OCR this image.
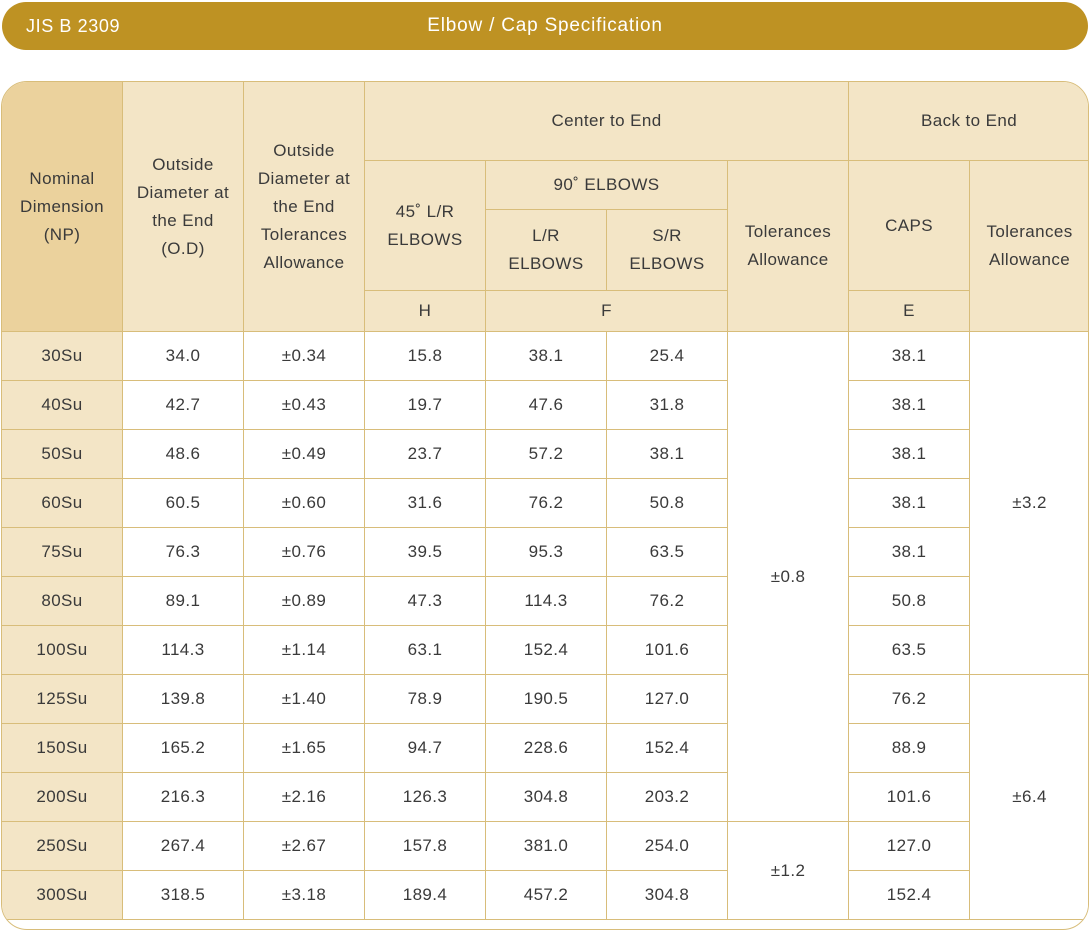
JIS B 2309	Elbow / Cap Specification
Nominal Dimension (NP)	Outside Diameter at the End (O.D)	Outside Diameter at the End Tolerances Allowance	Center to End				Back to End	
			45˚ L/R ELBOWS	90˚ ELBOWS		Tolerances Allowance	CAPS	Tolerances Allowance
				L/R ELBOWS	S/R ELBOWS			
			H	F			E	
30Su	34.0	±0.34	15.8	38.1	25.4	±0.8	38.1	±3.2
40Su	42.7	±0.43	19.7	47.6	31.8		38.1	
50Su	48.6	±0.49	23.7	57.2	38.1		38.1	
60Su	60.5	±0.60	31.6	76.2	50.8		38.1	
75Su	76.3	±0.76	39.5	95.3	63.5		38.1	
80Su	89.1	±0.89	47.3	114.3	76.2		50.8	
100Su	114.3	±1.14	63.1	152.4	101.6		63.5	
125Su	139.8	±1.40	78.9	190.5	127.0		76.2	±6.4
150Su	165.2	±1.65	94.7	228.6	152.4		88.9	
200Su	216.3	±2.16	126.3	304.8	203.2		101.6	
250Su	267.4	±2.67	157.8	381.0	254.0	±1.2	127.0	
300Su	318.5	±3.18	189.4	457.2	304.8		152.4	
